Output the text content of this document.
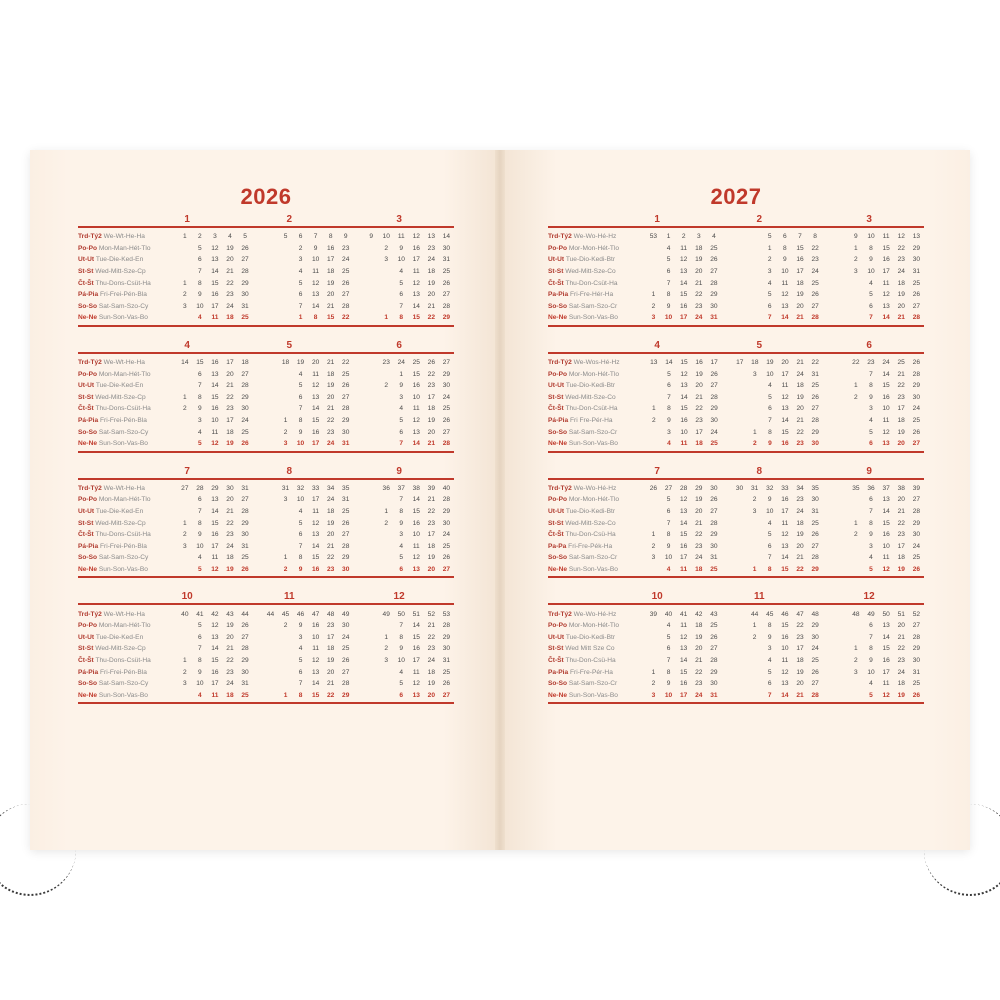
2026
1	2	3
Trd-Tý2 We-Wt-He-Ha		1	2	3	4	5			5	6	7	8	9		9	10	11	12	13	14
Po-Po Mon-Man-Hét-Tlo			5	12	19	26				2	9	16	23			2	9	16	23	30
Ut-Ut Tue-Die-Ked-En			6	13	20	27				3	10	17	24			3	10	17	24	31
St-St Wed-Mitt-Sze-Cp			7	14	21	28				4	11	18	25				4	11	18	25
Čt-Št Thu-Dons-Csüt-Ha		1	8	15	22	29				5	12	19	26				5	12	19	26
Pá-Pia Fri-Frei-Pén-Bla		2	9	16	23	30				6	13	20	27				6	13	20	27
So-So Sat-Sam-Szo-Cy		3	10	17	24	31				7	14	21	28				7	14	21	28
Ne-Ne Sun-Son-Vas-Bo			4	11	18	25				1	8	15	22			1	8	15	22	29
4	5	6
Trd-Tý2 We-Wt-He-Ha		14	15	16	17	18			18	19	20	21	22			23	24	25	26	27
Po-Po Mon-Man-Hét-Tlo			6	13	20	27				4	11	18	25				1	15	22	29
Ut-Ut Tue-Die-Ked-En			7	14	21	28				5	12	19	26			2	9	16	23	30
St-St Wed-Mitt-Sze-Cp		1	8	15	22	29				6	13	20	27				3	10	17	24
Čt-Št Thu-Dons-Csüt-Ha		2	9	16	23	30				7	14	21	28				4	11	18	25
Pá-Pia Fri-Frei-Pén-Bla			3	10	17	24			1	8	15	22	29				5	12	19	26
So-So Sat-Sam-Szo-Cy			4	11	18	25			2	9	16	23	30				6	13	20	27
Ne-Ne Sun-Son-Vas-Bo			5	12	19	26			3	10	17	24	31				7	14	21	28
7	8	9
Trd-Tý2 We-Wt-He-Ha		27	28	29	30	31			31	32	33	34	35			36	37	38	39	40
Po-Po Mon-Man-Hét-Tlo			6	13	20	27			3	10	17	24	31				7	14	21	28
Ut-Ut Tue-Die-Ked-En			7	14	21	28				4	11	18	25			1	8	15	22	29
St-St Wed-Mitt-Sze-Cp		1	8	15	22	29				5	12	19	26			2	9	16	23	30
Čt-Št Thu-Dons-Csüt-Ha		2	9	16	23	30				6	13	20	27				3	10	17	24
Pá-Pia Fri-Frei-Pén-Bla		3	10	17	24	31				7	14	21	28				4	11	18	25
So-So Sat-Sam-Szo-Cy			4	11	18	25			1	8	15	22	29				5	12	19	26
Ne-Ne Sun-Son-Vas-Bo			5	12	19	26			2	9	16	23	30				6	13	20	27
10	11	12
Trd-Tý2 We-Wt-He-Ha		40	41	42	43	44		44	45	46	47	48	49			49	50	51	52	53
Po-Po Mon-Man-Hét-Tlo			5	12	19	26			2	9	16	23	30				7	14	21	28
Ut-Ut Tue-Die-Ked-En			6	13	20	27				3	10	17	24			1	8	15	22	29
St-St Wed-Mitt-Sze-Cp			7	14	21	28				4	11	18	25			2	9	16	23	30
Čt-Št Thu-Dons-Csüt-Ha		1	8	15	22	29				5	12	19	26			3	10	17	24	31
Pá-Pia Fri-Frei-Pén-Bla		2	9	16	23	30				6	13	20	27				4	11	18	25
So-So Sat-Sam-Szo-Cy		3	10	17	24	31				7	14	21	28				5	12	19	26
Ne-Ne Sun-Son-Vas-Bo			4	11	18	25			1	8	15	22	29				6	13	20	27
2027
1	2	3
Trd-Tý2 We-Wo-Hé-Hz		53	1	2	3	4				5	6	7	8			9	10	11	12	13
Po-Po Mor-Mon-Hét-Tlo			4	11	18	25				1	8	15	22			1	8	15	22	29
Ut-Ut Tue-Dio-Kedi-Btr			5	12	19	26				2	9	16	23			2	9	16	23	30
St-St Wed-Mitt-Sze-Co			6	13	20	27				3	10	17	24			3	10	17	24	31
Čt-Št Thu-Don-Csüt-Ha			7	14	21	28				4	11	18	25				4	11	18	25
Pa-Pia Fri-Fre-Hér-Ha		1	8	15	22	29				5	12	19	26				5	12	19	26
So-So Sat-Sam-Szo-Cr		2	9	16	23	30				6	13	20	27				6	13	20	27
Ne-Ne Sun-Son-Vas-Bo		3	10	17	24	31				7	14	21	28				7	14	21	28
4	5	6
Trd-Tý2 We-Wos-Hé-Hz		13	14	15	16	17		17	18	19	20	21	22			22	23	24	25	26
Po-Po Mor-Mon-Hét-Tlo			5	12	19	26			3	10	17	24	31				7	14	21	28
Ut-Ut Tue-Dio-Kedi-Btr			6	13	20	27				4	11	18	25			1	8	15	22	29
St-St Wed-Mitt-Sze-Co			7	14	21	28				5	12	19	26			2	9	16	23	30
Čt-Št Thu-Don-Csüt-Ha		1	8	15	22	29				6	13	20	27				3	10	17	24
Pá-Pia Fri Fre-Pér-Ha		2	9	16	23	30				7	14	21	28				4	11	18	25
So-So Sat-Sam-Szo-Cr			3	10	17	24			1	8	15	22	29				5	12	19	26
Ne-Ne Sun-Son-Vas-Bo			4	11	18	25			2	9	16	23	30				6	13	20	27
7	8	9
Trd-Tý2 We-Wo-Hé-Hz		26	27	28	29	30		30	31	32	33	34	35			35	36	37	38	39
Po-Po Mor-Mon-Hét-Tlo			5	12	19	26			2	9	16	23	30				6	13	20	27
Ut-Ut Tue-Dio-Kedi-Btr			6	13	20	27			3	10	17	24	31				7	14	21	28
St-St Wed-Mitt-Sze-Co			7	14	21	28				4	11	18	25			1	8	15	22	29
Čt-Št Thu-Don-Csü-Ha		1	8	15	22	29				5	12	19	26			2	9	16	23	30
Pa-Pa Fri-Fre-Pék-Ha		2	9	16	23	30				6	13	20	27				3	10	17	24
So-So Sat-Sam-Szo-Cr		3	10	17	24	31				7	14	21	28				4	11	18	25
Ne-Ne Sun-Son-Vas-Bo			4	11	18	25			1	8	15	22	29				5	12	19	26
10	11	12
Trd-Tý2 We-Wo-Hé-Hz		39	40	41	42	43			44	45	46	47	48			48	49	50	51	52
Po-Po Mor-Mon-Hét-Tlo			4	11	18	25			1	8	15	22	29				6	13	20	27
Ut-Ut Tue-Dio-Kedi-Btr			5	12	19	26			2	9	16	23	30				7	14	21	28
St-St Wed Mitt Sze Co			6	13	20	27				3	10	17	24			1	8	15	22	29
Čt-Št Thu-Don-Csü-Ha			7	14	21	28				4	11	18	25			2	9	16	23	30
Pa-Pia Fri-Fre-Pér-Ha		1	8	15	22	29				5	12	19	26			3	10	17	24	31
So-So Sat-Sam-Szo-Cr		2	9	16	23	30				6	13	20	27				4	11	18	25
Ne-Ne Sun-Son-Vas-Bo		3	10	17	24	31				7	14	21	28				5	12	19	26
